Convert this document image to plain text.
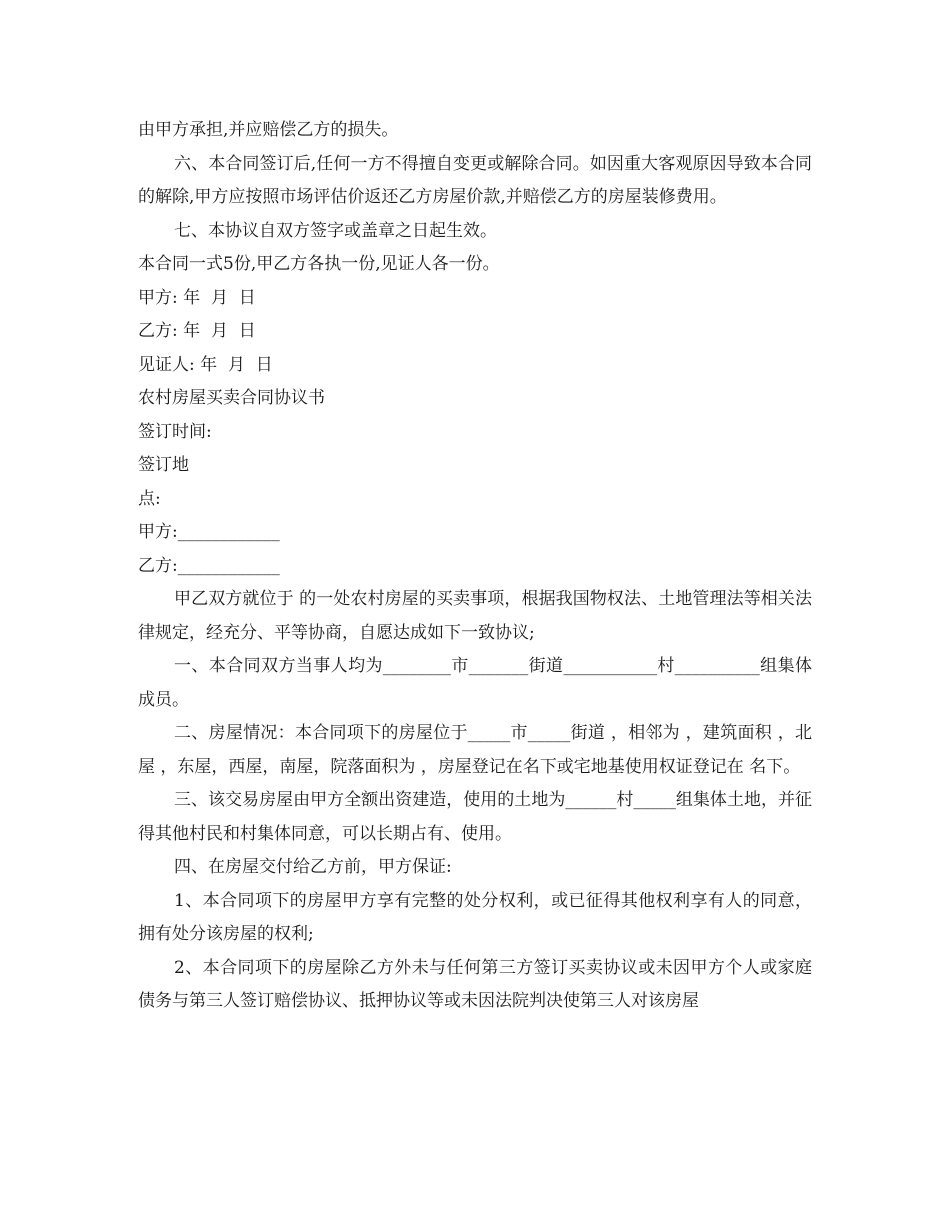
由甲方承担,并应赔偿乙方的损失。

六、本合同签订后,任何一方不得擅自变更或解除合同。如因重大客观原因导致本合同的解除,甲方应按照市场评估价返还乙方房屋价款,并赔偿乙方的房屋装修费用。

七、本协议自双方签字或盖章之日起生效。

本合同一式5份,甲乙方各执一份,见证人各一份。

甲方: 年  月  日

乙方: 年  月  日

见证人: 年  月  日

农村房屋买卖合同协议书

签订时间:

签订地

点:

甲方:____________

乙方:____________

甲乙双方就位于 的一处农村房屋的买卖事项，根据我国物权法、土地管理法等相关法律规定，经充分、平等协商，自愿达成如下一致协议;

一、本合同双方当事人均为________市_______街道___________村__________组集体成员。

二、房屋情况：本合同项下的房屋位于_____市_____街道 ，相邻为 ，建筑面积 ，北屋 ，东屋，西屋，南屋，院落面积为 ，房屋登记在名下或宅地基使用权证登记在 名下。

三、该交易房屋由甲方全额出资建造，使用的土地为______村_____组集体土地，并征得其他村民和村集体同意，可以长期占有、使用。

四、在房屋交付给乙方前，甲方保证:

1、本合同项下的房屋甲方享有完整的处分权利，或已征得其他权利享有人的同意，拥有处分该房屋的权利;

2、本合同项下的房屋除乙方外未与任何第三方签订买卖协议或未因甲方个人或家庭债务与第三人签订赔偿协议、抵押协议等或未因法院判决使第三人对该房屋
